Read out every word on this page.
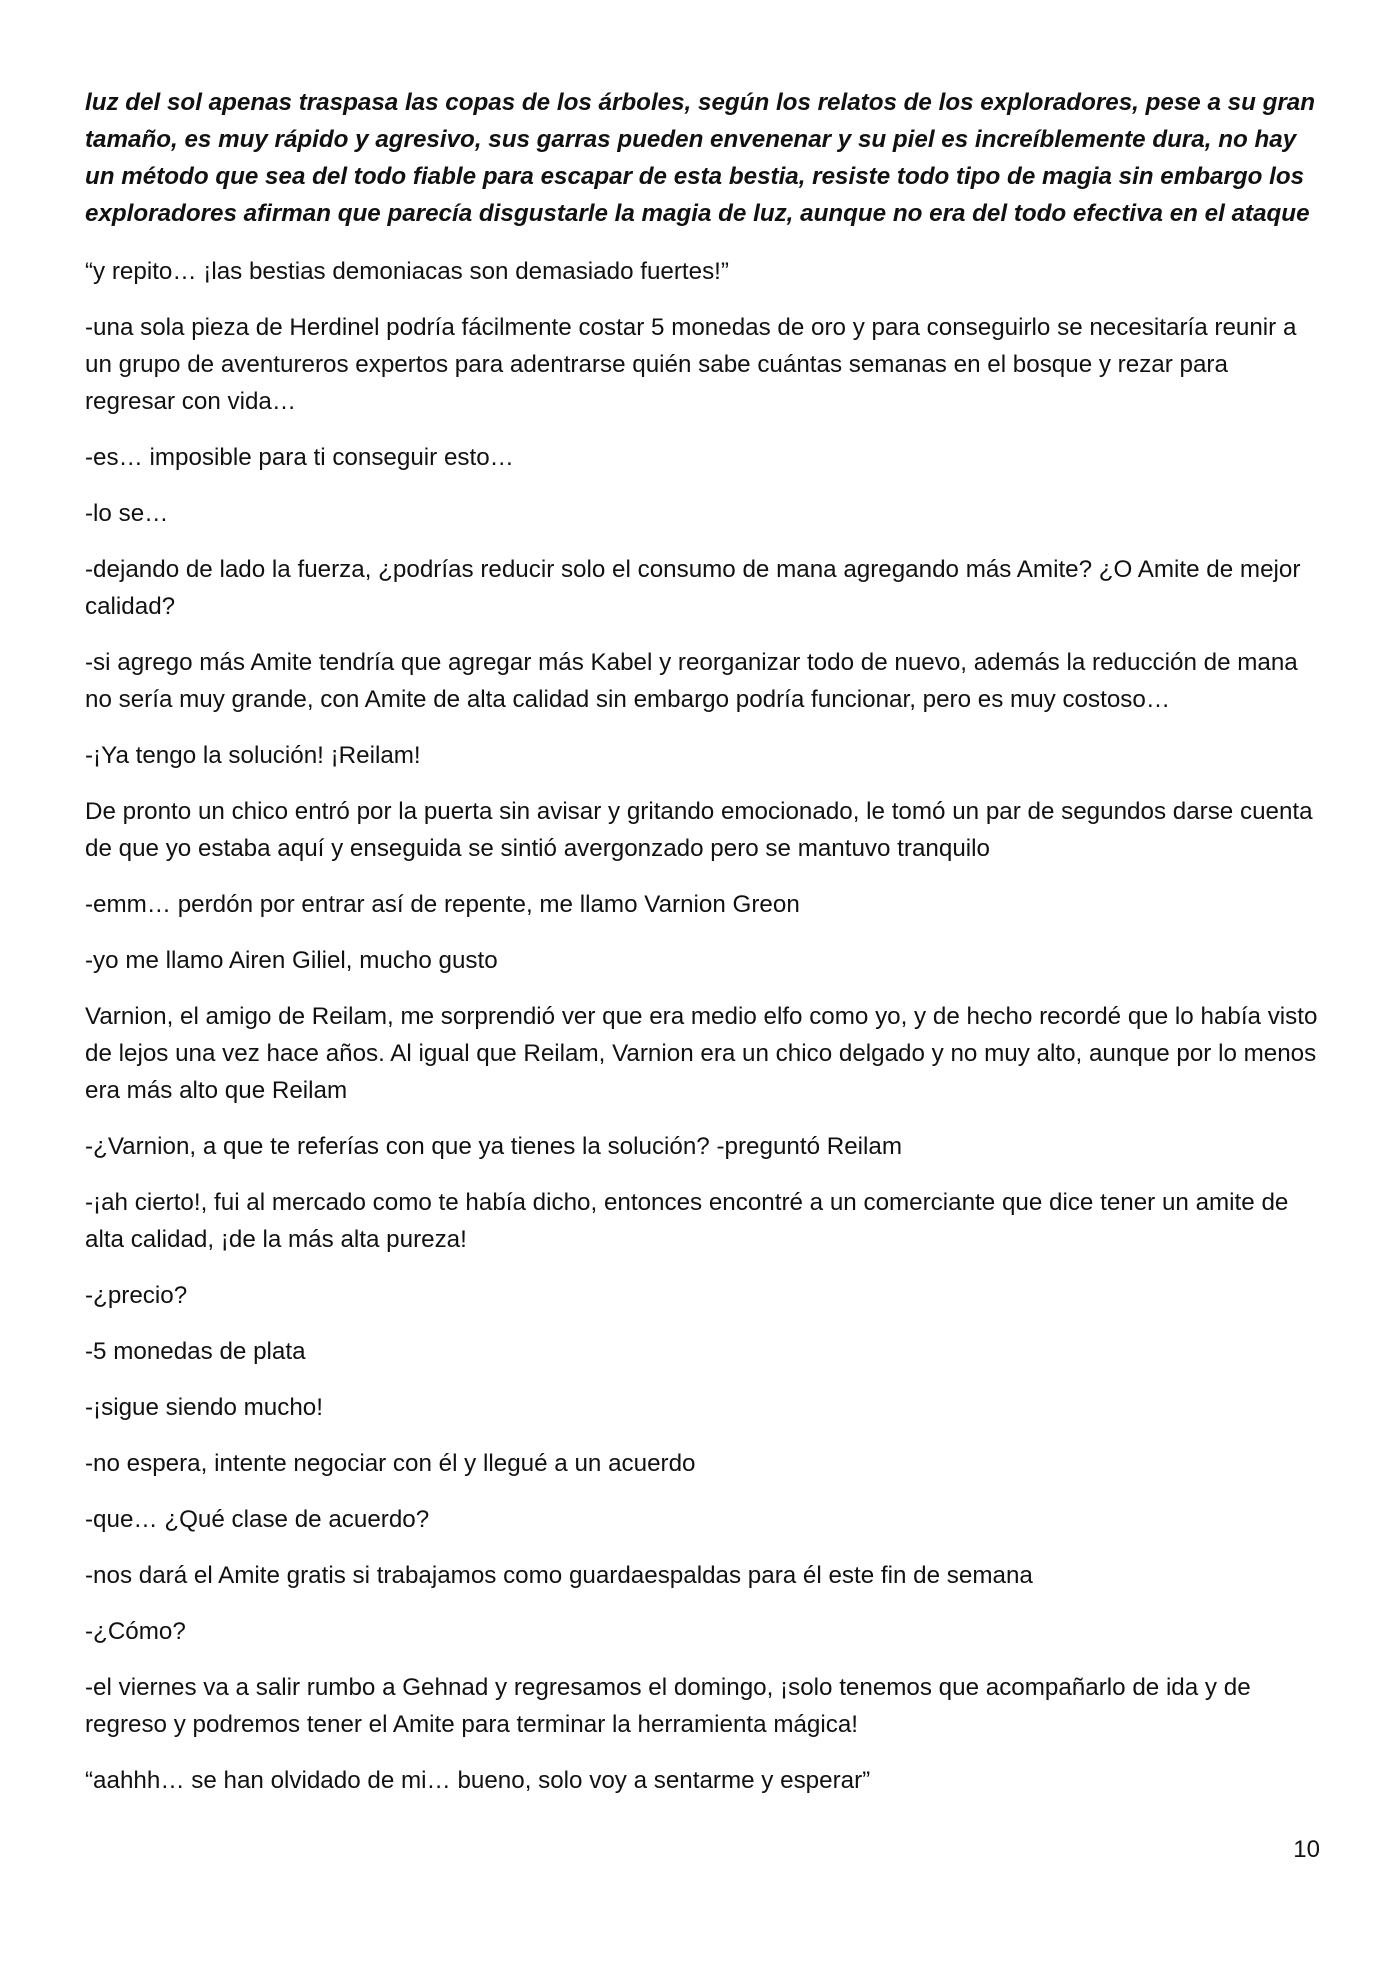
luz del sol apenas traspasa las copas de los árboles, según los relatos de los exploradores, pese a su gran tamaño, es muy rápido y agresivo, sus garras pueden envenenar y su piel es increíblemente dura, no hay un método que sea del todo fiable para escapar de esta bestia, resiste todo tipo de magia sin embargo los exploradores afirman que parecía disgustarle la magia de luz, aunque no era del todo efectiva en el ataque

“y repito… ¡las bestias demoniacas son demasiado fuertes!”

-una sola pieza de Herdinel podría fácilmente costar 5 monedas de oro y para conseguirlo se necesitaría reunir a un grupo de aventureros expertos para adentrarse quién sabe cuántas semanas en el bosque y rezar para regresar con vida…

-es… imposible para ti conseguir esto…

-lo se…

-dejando de lado la fuerza, ¿podrías reducir solo el consumo de mana agregando más Amite? ¿O Amite de mejor calidad?

-si agrego más Amite tendría que agregar más Kabel y reorganizar todo de nuevo, además la reducción de mana no sería muy grande, con Amite de alta calidad sin embargo podría funcionar, pero es muy costoso…

-¡Ya tengo la solución! ¡Reilam!

De pronto un chico entró por la puerta sin avisar y gritando emocionado, le tomó un par de segundos darse cuenta de que yo estaba aquí y enseguida se sintió avergonzado pero se mantuvo tranquilo

-emm… perdón por entrar así de repente, me llamo Varnion Greon

-yo me llamo Airen Giliel, mucho gusto

Varnion, el amigo de Reilam, me sorprendió ver que era medio elfo como yo, y de hecho recordé que lo había visto de lejos una vez hace años. Al igual que Reilam, Varnion era un chico delgado y no muy alto, aunque por lo menos era más alto que Reilam

-¿Varnion, a que te referías con que ya tienes la solución? -preguntó Reilam

-¡ah cierto!, fui al mercado como te había dicho, entonces encontré a un comerciante que dice tener un amite de alta calidad, ¡de la más alta pureza!

-¿precio?

-5 monedas de plata

-¡sigue siendo mucho!

-no espera, intente negociar con él y llegué a un acuerdo

-que… ¿Qué clase de acuerdo?

-nos dará el Amite gratis si trabajamos como guardaespaldas para él este fin de semana

-¿Cómo?

-el viernes va a salir rumbo a Gehnad y regresamos el domingo, ¡solo tenemos que acompañarlo de ida y de regreso y podremos tener el Amite para terminar la herramienta mágica!

“aahhh… se han olvidado de mi… bueno, solo voy a sentarme y esperar”

10
